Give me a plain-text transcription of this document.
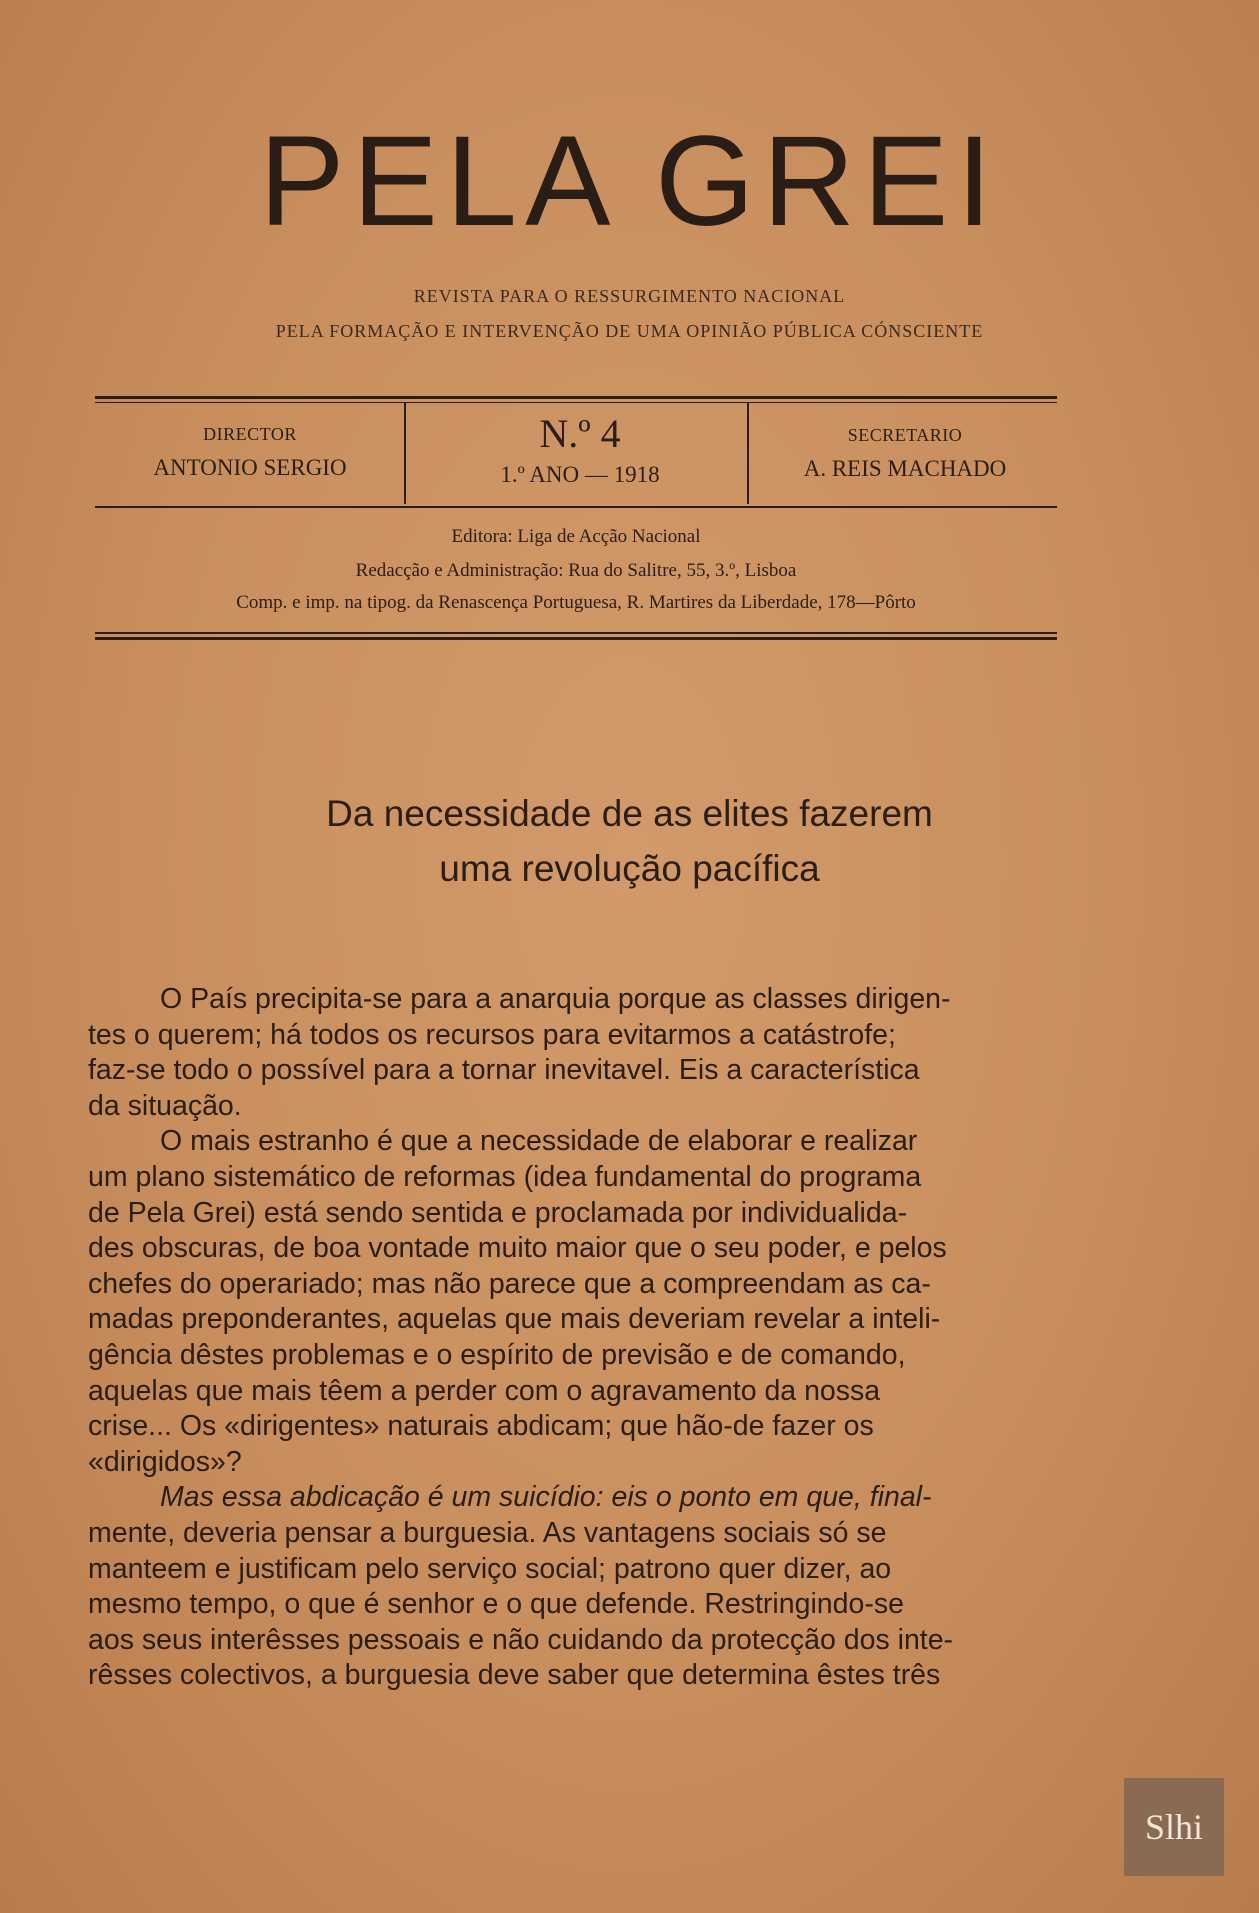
PELA GREI
REVISTA PARA O RESSURGIMENTO NACIONAL
PELA FORMAÇÃO E INTERVENÇÃO DE UMA OPINIÃO PÚBLICA CÓNSCIENTE
DIRECTOR
ANTONIO SERGIO
N.º 4
1.º ANO — 1918
SECRETARIO
A. REIS MACHADO
Editora: Liga de Acção Nacional
Redacção e Administração: Rua do Salitre, 55, 3.º, Lisboa
Comp. e imp. na tipog. da Renascença Portuguesa, R. Martires da Liberdade, 178—Pôrto
Da necessidade de as elites fazerem
uma revolução pacífica
O País precipita-se para a anarquia porque as classes dirigen-
tes o querem; há todos os recursos para evitarmos a catástrofe;
faz-se todo o possível para a tornar inevitavel. Eis a característica
da situação.
O mais estranho é que a necessidade de elaborar e realizar
um plano sistemático de reformas (idea fundamental do programa
de Pela Grei) está sendo sentida e proclamada por individualida-
des obscuras, de boa vontade muito maior que o seu poder, e pelos
chefes do operariado; mas não parece que a compreendam as ca-
madas preponderantes, aquelas que mais deveriam revelar a inteli-
gência dêstes problemas e o espírito de previsão e de comando,
aquelas que mais têem a perder com o agravamento da nossa
crise... Os «dirigentes» naturais abdicam; que hão-de fazer os
«dirigidos»?
Mas essa abdicação é um suicídio: eis o ponto em que, final-
mente, deveria pensar a burguesia. As vantagens sociais só se
manteem e justificam pelo serviço social; patrono quer dizer, ao
mesmo tempo, o que é senhor e o que defende. Restringindo-se
aos seus interêsses pessoais e não cuidando da protecção dos inte-
rêsses colectivos, a burguesia deve saber que determina êstes três
Slhi
